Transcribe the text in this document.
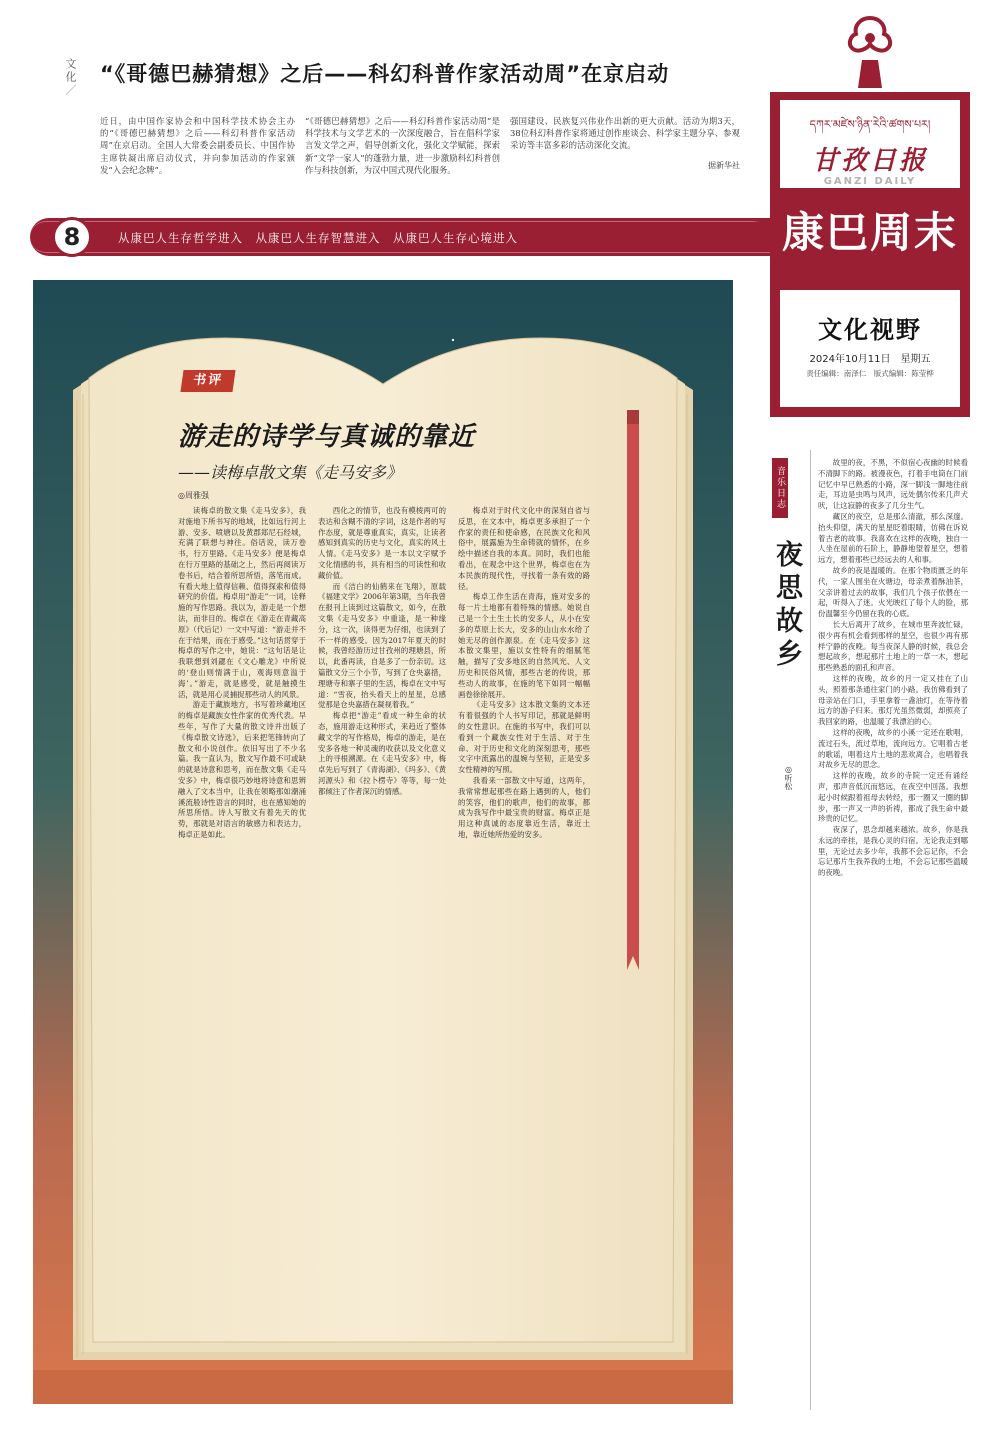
文化／
“《哥德巴赫猜想》之后——科幻科普作家活动周”在京启动
近日，由中国作家协会和中国科学技术协会主办的“《哥德巴赫猜想》之后——科幻科普作家活动周”在京启动。全国人大常委会副委员长、中国作协主席铁凝出席启动仪式，并向参加活动的作家颁发“入会纪念牌”。
“《哥德巴赫猜想》之后——科幻科普作家活动周”是科学技术与文学艺术的一次深度融合，旨在倡科学家言发文学之声，倡导创新文化，强化文学赋能，探索新“文学一家人”的蓬勃力量，进一步激励科幻科普创作与科技创新，为汉中国式现代化服务。
强国建设、民族复兴伟业作出新的更大贡献。活动为期3天，38位科幻科普作家将通过创作座谈会、科学家主题分享、参观采访等丰富多彩的活动深化交流。
据新华社
8	从康巴人生存哲学进入　从康巴人生存智慧进入　从康巴人生存心境进入
དཀར་མཛེས་ཉིན་རེའི་ཚགས་པར།
甘孜日报
GANZI DAILY
康巴周末
文化视野
2024年10月11日　星期五
责任编辑：南泽仁　版式编辑：陈莹桦
书评
游走的诗学与真诚的靠近
——读梅卓散文集《走马安多》
◎周雅强

读梅卓的散文集《走马安多》，我对施地下所书写的地域，比如远行河上游、安多、喷塘以及黄郡郑尼石经城，充满了联想与神往。俗话说，读万卷书，行万里路。《走马安多》便是梅卓在行万里路的基础之上，然后再阅读万卷书后，结合着所思所悟，落笔而成。有看大地上值得信赖、值得探索和值得研究的价值。梅卓用“游走”一词，诠释施的写作思路。我以为，游走是一个想法，而非目的。梅卓在《游走在青藏高原》（代后记）一文中写道：“游走并不在于结果，而在于感受。”这句话贯穿于梅卓的写作之中，她说：“这句话是让我联想到刘勰在《文心雕龙》中所说的‘登山则情满于山，观海则意溢于海’。”游走，就是感受，就是触摸生活，就是用心灵捕捉那些动人的风景。

游走于藏族地方，书写着珍藏地区的梅卓是藏族女性作家的优秀代表。早些年，写作了大量的散文诗并出版了《梅卓散文诗选》，后来把笔锋转向了散文和小说创作。依旧写出了不少名篇。我一直认为，散文写作最不可或缺的就是诗意和思考，而在散文集《走马安多》中，梅卓很巧妙地将诗意和思辨融入了文本当中，让我在领略那如潮涌溪流般诗性语言的同时，也在感知她的所思所悟。诗人写散文有着先天的优势，那就是对语言的敏感力和表达力，梅卓正是如此。

西化之的情节，也没有模棱两可的表达和含糊不清的字词，这是作者的写作态度，就是尊重真实，真实，让读者感知到真实的历史与文化，真实的风土人情。《走马安多》是一本以文字赋予文化情感的书，具有相当的可读性和收藏价值。

而《洁白的仙鹤来在飞翔》，原载《福建文学》2006年第3期，当年我曾在报刊上读到过这篇散文，如今，在散文集《走马安多》中重逢，是一种缘分，这一次，读得更为仔细，也读到了不一样的感受。因为2017年夏天的时候，我曾经游历过甘孜州的理塘县，所以，此番再读，自是多了一份亲切。这篇散文分三个小节，写到了仓央嘉措，理塘寺和寨子里的生活，梅卓在文中写道：“雪夜，抬头看天上的星星，总感觉那是仓央嘉措在凝视着我。”

梅卓把“游走”看成一种生命的状态，施用游走这种形式，来趋近了整体藏文学的写作格局，梅卓的游走，是在安多各地一种灵魂的收获以及文化意义上的寻根溯源。在《走马安多》中，梅卓先后写到了《青海湖》、《玛多》、《黄河源头》和《拉卜楞寺》等等，每一处都倾注了作者深沉的情感。

梅卓对于时代文化中的深刻自省与反思，在文本中，梅卓更多承担了一个作家的责任和使命感，在民族文化和风俗中，展露施为生命铸就的情怀，在乡绘中描述自我的本真。同时，我们也能看出，在观念中这个世界，梅卓也在为本民族的现代性，寻找着一条有效的路径。

梅卓工作生活在青海，施对安多的每一片土地都有着特殊的情感。她说自己是一个土生土长的安多人，从小在安多的草原上长大，安多的山山水水给了她无尽的创作源泉。在《走马安多》这本散文集里，施以女性特有的细腻笔触，描写了安多地区的自然风光、人文历史和民俗风情，那些古老的传说，那些动人的故事，在施的笔下如同一幅幅画卷徐徐展开。

《走马安多》这本散文集的文本还有着很强的个人书写印记，那就是鲜明的女性意识。在施的书写中，我们可以看到一个藏族女性对于生活、对于生命、对于历史和文化的深刻思考，那些文字中流露出的温婉与坚韧，正是安多女性精神的写照。

我看来一部散文中写道，这两年，我常常想起那些在路上遇到的人，他们的笑容，他们的歌声，他们的故事，都成为我写作中最宝贵的财富。梅卓正是用这种真诚的态度靠近生活，靠近土地，靠近她所热爱的安多。

音乐日志
夜思故乡
◎听松

故里的夜，不黑，不似宿心夜幽的时候看不清脚下的路。被漫夜色，打着手电筒在门前记忆中早已熟悉的小路，深一脚浅一脚地往前走，耳边是虫鸣与风声，远处偶尔传来几声犬吠，让这寂静的夜多了几分生气。

藏区的夜空，总是那么清澈，那么深邃。抬头仰望，满天的星星眨着眼睛，仿佛在诉说着古老的故事。我喜欢在这样的夜晚，独自一人坐在屋前的石阶上，静静地望着星空，想着远方，想着那些已经远去的人和事。

故乡的夜是温暖的。在那个物质匮乏的年代，一家人围坐在火塘边，母亲煮着酥油茶，父亲讲着过去的故事，我们几个孩子依偎在一起，听得入了迷。火光映红了每个人的脸，那份温馨至今仍留在我的心底。

长大后离开了故乡，在城市里奔波忙碌，很少再有机会看到那样的星空，也很少再有那样宁静的夜晚。每当夜深人静的时候，我总会想起故乡，想起那片土地上的一草一木，想起那些熟悉的面孔和声音。

这样的夜晚，故乡的月一定又挂在了山头，照着那条通往家门的小路。我仿佛看到了母亲站在门口，手里拿着一盏油灯，在等待着远方的游子归来。那灯光虽然微弱，却照亮了我回家的路，也温暖了我漂泊的心。

这样的夜晚，故乡的小溪一定还在歌唱，流过石头，流过草地，流向远方。它唱着古老的歌谣，唱着这片土地的悲欢离合，也唱着我对故乡无尽的思念。

这样的夜晚，故乡的寺院一定还有诵经声，那声音低沉而悠远，在夜空中回荡。我想起小时候跟着祖母去转经，那一圈又一圈的脚步，那一声又一声的祈祷，都成了我生命中最珍贵的记忆。

夜深了，思念却越来越浓。故乡，你是我永远的牵挂，是我心灵的归宿。无论我走到哪里，无论过去多少年，我都不会忘记你，不会忘记那片生我养我的土地，不会忘记那些温暖的夜晚。
